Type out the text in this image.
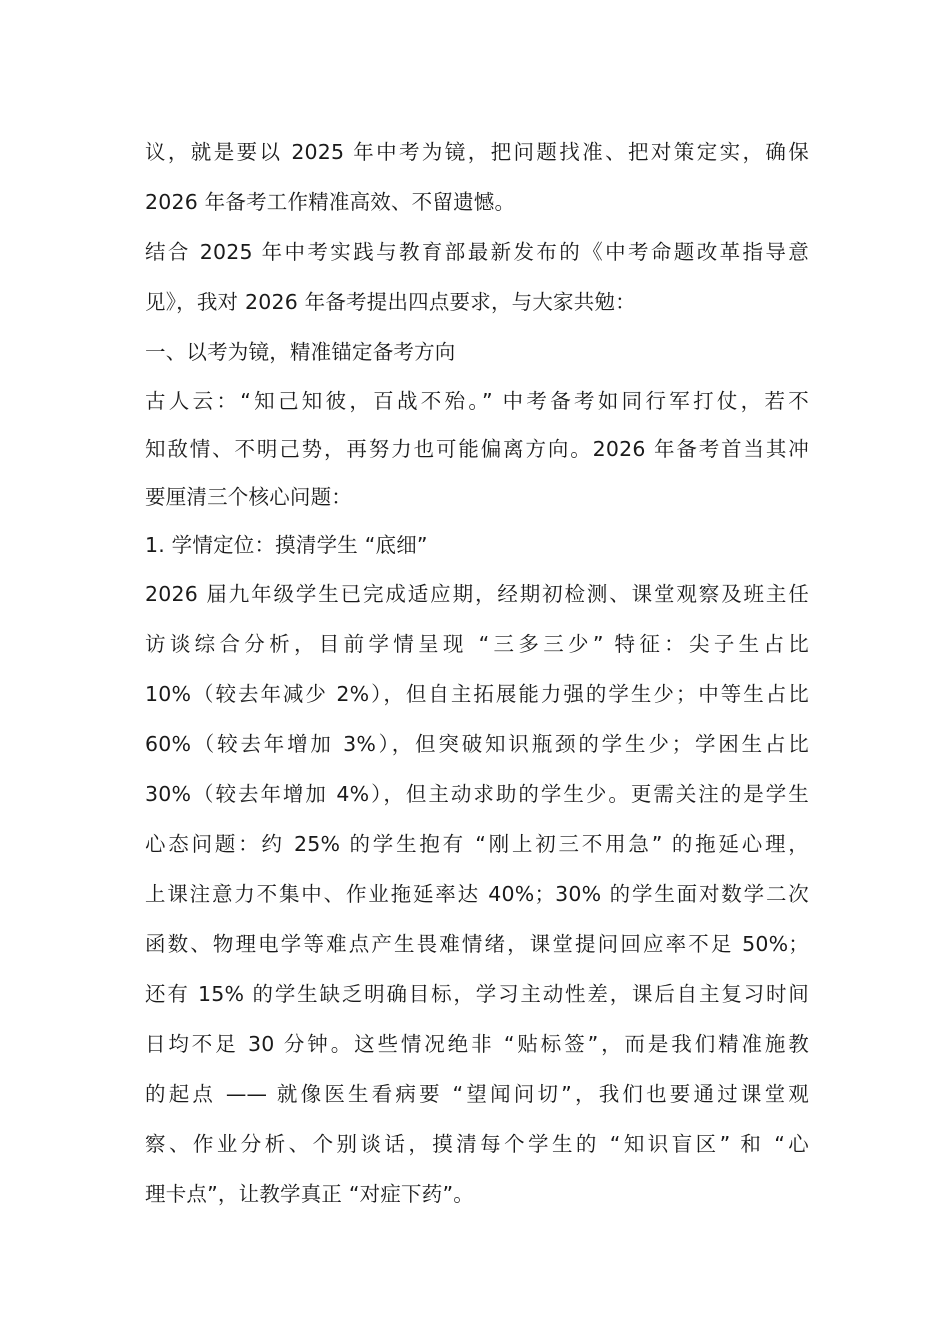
议，就是要以 2025 年中考为镜，把问题找准、把对策定实，确保
2026 年备考工作精准高效、不留遗憾。
结合 2025 年中考实践与教育部最新发布的《中考命题改革指导意
见》，我对 2026 年备考提出四点要求，与大家共勉：
一、以考为镜，精准锚定备考方向
古人云：“知己知彼，百战不殆。” 中考备考如同行军打仗，若不
知敌情、不明己势，再努力也可能偏离方向。2026 年备考首当其冲
要厘清三个核心问题：
1. 学情定位：摸清学生 “底细”
2026 届九年级学生已完成适应期，经期初检测、课堂观察及班主任
访谈综合分析，目前学情呈现 “三多三少” 特征：尖子生占比
10%（较去年减少 2%），但自主拓展能力强的学生少；中等生占比
60%（较去年增加 3%），但突破知识瓶颈的学生少；学困生占比
30%（较去年增加 4%），但主动求助的学生少。更需关注的是学生
心态问题：约 25% 的学生抱有 “刚上初三不用急” 的拖延心理，
上课注意力不集中、作业拖延率达 40%；30% 的学生面对数学二次
函数、物理电学等难点产生畏难情绪，课堂提问回应率不足 50%；
还有 15% 的学生缺乏明确目标，学习主动性差，课后自主复习时间
日均不足 30 分钟。这些情况绝非 “贴标签”，而是我们精准施教
的起点 —— 就像医生看病要 “望闻问切”，我们也要通过课堂观
察、作业分析、个别谈话，摸清每个学生的 “知识盲区” 和 “心
理卡点”，让教学真正 “对症下药”。
